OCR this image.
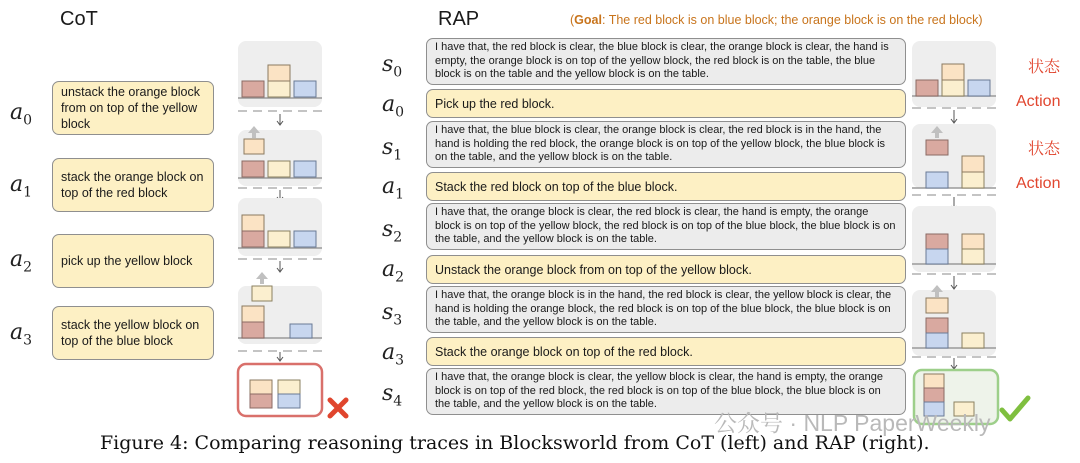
CoT	RAP	(Goal: The red block is on blue block; the orange block is on the red block)
$a_0$
$a_1$
$a_2$
$a_3$
unstack the orange block from on top of the yellow block
stack the orange block on top of the red block
pick up the yellow block
stack the yellow block on top of the blue block
$s_0$
$a_0$
$s_1$
$a_1$
$s_2$
$a_2$
$s_3$
$a_3$
$s_4$
I have that, the red block is clear, the blue block is clear, the orange block is clear, the hand is empty, the orange block is on top of the yellow block, the red block is on the table, the blue block is on the table and the yellow block is on the table.
Pick up the red block.
I have that, the blue block is clear, the orange block is clear, the red block is in the hand, the hand is holding the red block, the orange block is on top of the yellow block, the blue block is on the table, and the yellow block is on the table.
Stack the red block on top of the blue block.
I have that, the orange block is clear, the red block is clear, the hand is empty, the orange block is on top of the yellow block, the red block is on top of the blue block, the blue block is on the table, and the yellow block is on the table.
Unstack the orange block from on top of the yellow block.
I have that, the orange block is in the hand, the red block is clear, the yellow block is clear, the hand is holding the orange block, the red block is on top of the blue block, the blue block is on the table, and the yellow block is on the table.
Stack the orange block on top of the red block.
I have that, the orange block is clear, the yellow block is clear, the hand is empty, the orange block is on top of the red block, the red block is on top of the blue block, the blue block is on the table, and the yellow block is on the table.
状态
Action
状态
Action
公众号 · NLP PaperWeekly
Figure 4: Comparing reasoning traces in Blocksworld from CoT (left) and RAP (right).
